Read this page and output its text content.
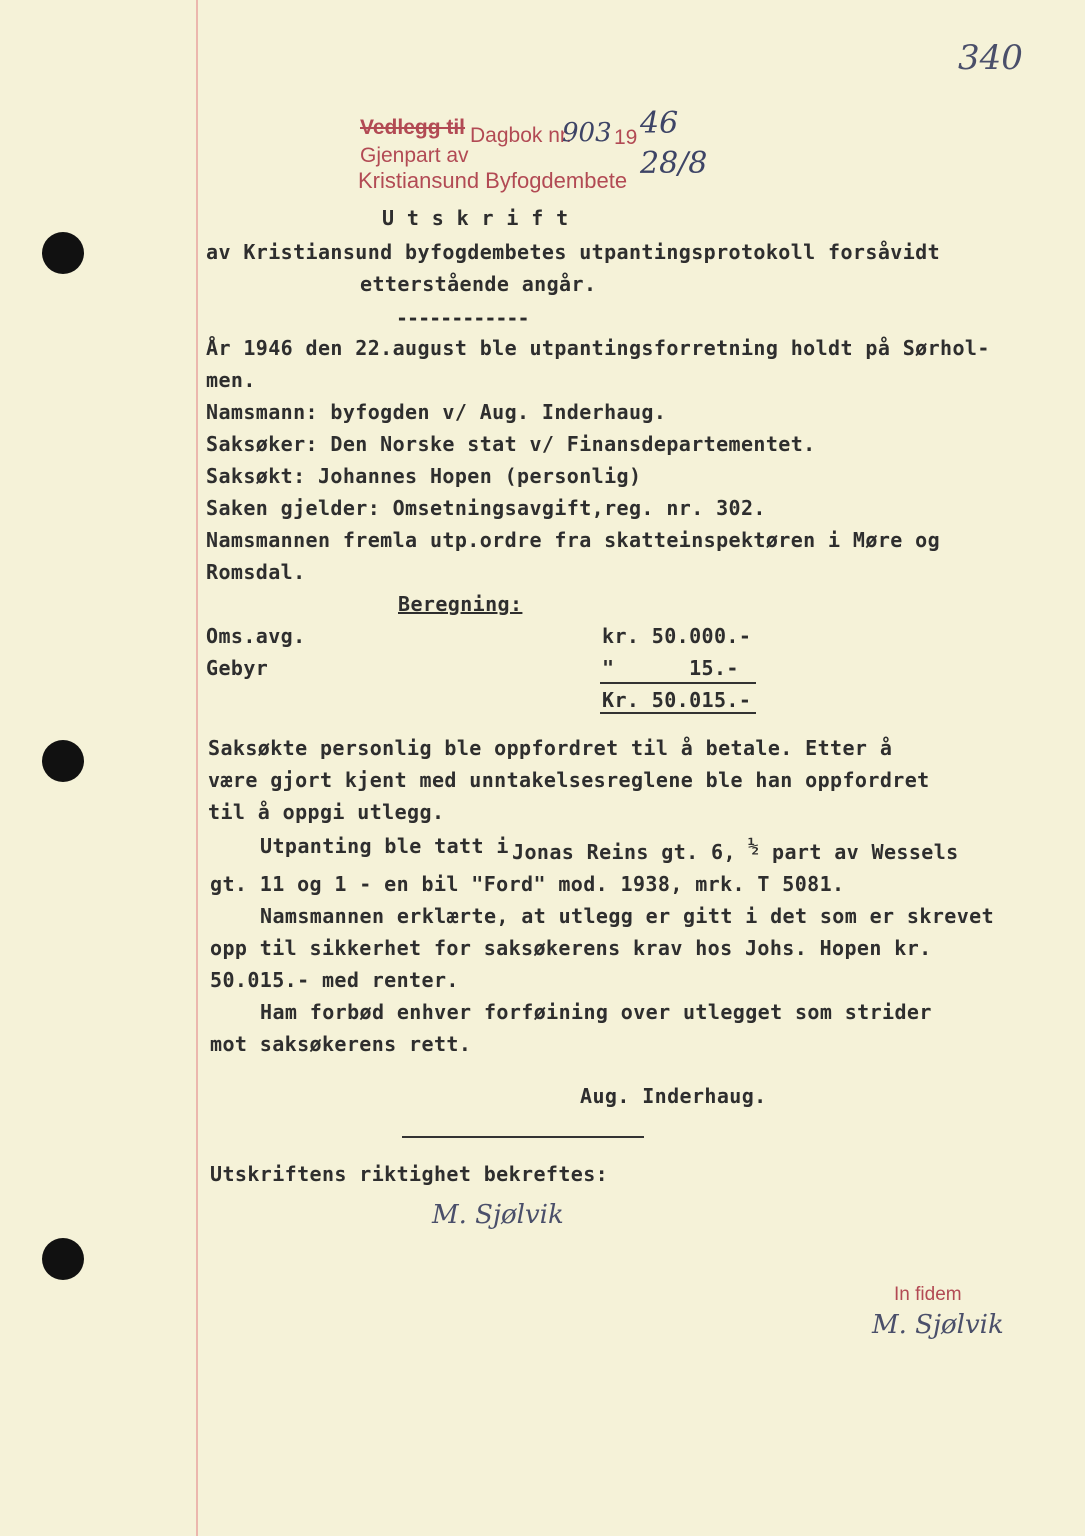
340
Vedlegg til Dagbok nr.
903 19 46
28/8
Gjenpart av
Kristiansund Byfogdembete
U t s k r i f t
av Kristiansund byfogdembetes utpantingsprotokoll forsåvidt
etterstående angår.
------------
År 1946 den 22.august ble utpantingsforretning holdt på Sørhol-
men.
Namsmann: byfogden v/ Aug. Inderhaug.
Saksøker: Den Norske stat v/ Finansdepartementet.
Saksøkt: Johannes Hopen (personlig)
Saken gjelder: Omsetningsavgift,reg. nr. 302.
Namsmannen fremla utp.ordre fra skatteinspektøren i Møre og
Romsdal.
Beregning:
Oms.avg.	kr. 50.000.-
Gebyr	"      15.-
Kr. 50.015.-
Saksøkte personlig ble oppfordret til å betale. Etter å
være gjort kjent med unntakelsesreglene ble han oppfordret
til å oppgi utlegg.
Utpanting ble tatt i Jonas Reins gt. 6, ½ part av Wessels
gt. 11 og 1 - en bil "Ford" mod. 1938, mrk. T 5081.
Namsmannen erklærte, at utlegg er gitt i det som er skrevet
opp til sikkerhet for saksøkerens krav hos Johs. Hopen kr.
50.015.- med renter.
Ham forbød enhver forføining over utlegget som strider
mot saksøkerens rett.
Aug. Inderhaug.
Utskriftens riktighet bekreftes:
M. Sjølvik
In fidem
M. Sjølvik
